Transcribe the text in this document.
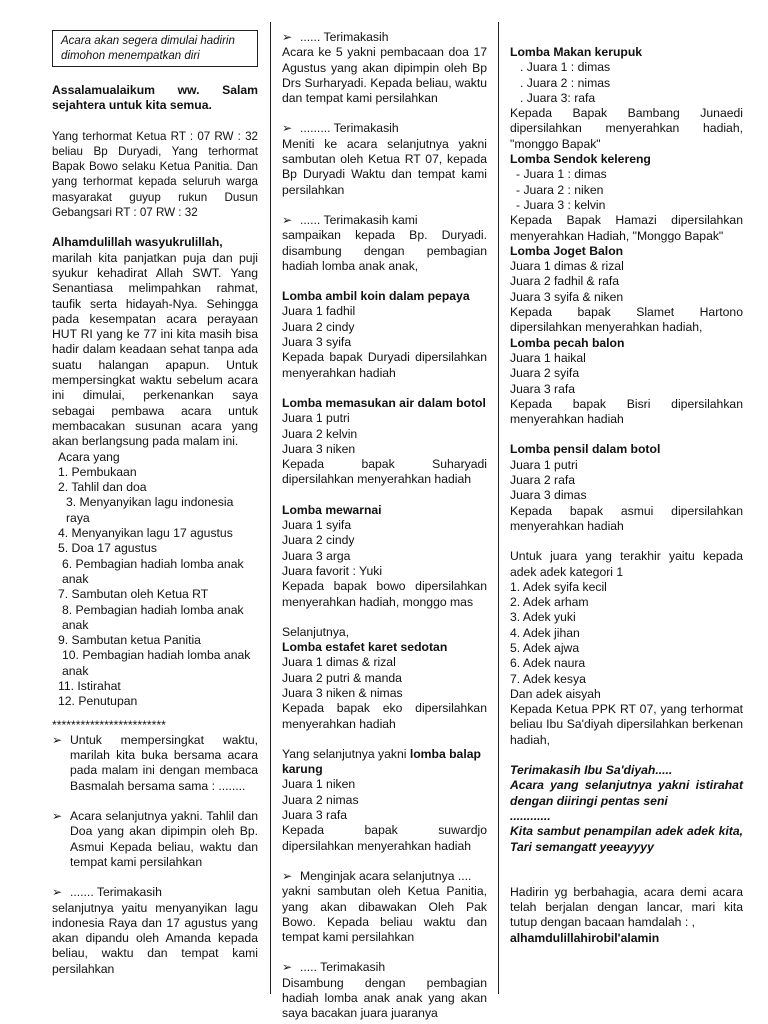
Acara akan segera dimulai hadirin dimohon menempatkan diri

Assalamualaikum ww. Salam sejahtera untuk kita semua.

Yang terhormat Ketua RT : 07 RW : 32 beliau Bp Duryadi, Yang terhormat Bapak Bowo selaku Ketua Panitia. Dan yang terhormat kepada seluruh warga masyarakat guyup rukun Dusun Gebangsari RT : 07 RW : 32

Alhamdulillah wasyukrulillah,

marilah kita panjatkan puja dan puji syukur kehadirat Allah SWT. Yang Senantiasa melimpahkan rahmat, taufik serta hidayah-Nya. Sehingga pada kesempatan acara perayaan HUT RI yang ke 77 ini kita masih bisa hadir dalam keadaan sehat tanpa ada suatu halangan apapun. Untuk mempersingkat waktu sebelum acara ini dimulai, perkenankan saya sebagai pembawa acara untuk membacakan susunan acara yang akan berlangsung pada malam ini.

Acara yang

1. Pembukaan
2. Tahlil dan doa
3. Menyanyikan lagu indonesia raya
4. Menyanyikan lagu 17 agustus
5. Doa 17 agustus
6. Pembagian hadiah lomba anak anak
7. Sambutan oleh Ketua RT
8. Pembagian hadiah lomba anak anak
9. Sambutan ketua Panitia
10. Pembagian hadiah lomba anak anak
11. Istirahat
12. Penutupan
************************
➢ Untuk mempersingkat waktu, marilah kita buka bersama acara pada malam ini dengan membaca Basmalah bersama sama : ........
➢ Acara selanjutnya yakni. Tahlil dan Doa yang akan dipimpin oleh Bp. Asmui Kepada beliau, waktu dan tempat kami persilahkan
➢ ....... Terimakasih

selanjutnya yaitu menyanyikan lagu indonesia Raya dan 17 agustus yang akan dipandu oleh Amanda kepada beliau, waktu dan tempat kami persilahkan

➢ ...... Terimakasih

Acara ke 5 yakni pembacaan doa 17 Agustus yang akan dipimpin oleh Bp Drs Surharyadi. Kepada beliau, waktu dan tempat kami persilahkan

➢ ......... Terimakasih

Meniti ke acara selanjutnya yakni sambutan oleh Ketua RT 07, kepada Bp Duryadi Waktu dan tempat kami persilahkan

➢ ...... Terimakasih kami

sampaikan kepada Bp. Duryadi. disambung dengan pembagian hadiah lomba anak anak,

Lomba ambil koin dalam pepaya

Juara 1 fadhil
Juara 2 cindy
Juara 3 syifa

Kepada bapak Duryadi dipersilahkan menyerahkan hadiah

Lomba memasukan air dalam botol

Juara 1 putri
Juara 2 kelvin
Juara 3 niken

Kepada bapak Suharyadi dipersilahkan menyerahkan hadiah

Lomba mewarnai

Juara 1 syifa
Juara 2 cindy
Juara 3 arga
Juara favorit : Yuki

Kepada bapak bowo dipersilahkan menyerahkan hadiah, monggo mas

Selanjutnya,

Lomba estafet karet sedotan

Juara 1 dimas & rizal
Juara 2 putri & manda
Juara 3 niken & nimas

Kepada bapak eko dipersilahkan menyerahkan hadiah

Yang selanjutnya yakni lomba balap karung

Juara 1 niken
Juara 2 nimas
Juara 3 rafa

Kepada bapak suwardjo dipersilahkan menyerahkan hadiah

➢ Menginjak acara selanjutnya ....

yakni sambutan oleh Ketua Panitia, yang akan dibawakan Oleh Pak Bowo. Kepada beliau waktu dan tempat kami persilahkan

➢ ..... Terimakasih

Disambung dengan pembagian hadiah lomba anak anak yang akan saya bacakan juara juaranya

Lomba Makan kerupuk

. Juara 1 : dimas
. Juara 2 : nimas
. Juara 3: rafa

Kepada Bapak Bambang Junaedi dipersilahkan menyerahkan hadiah, "monggo Bapak"

Lomba Sendok kelereng

- Juara 1 : dimas
- Juara 2 : niken
- Juara 3 : kelvin

Kepada Bapak Hamazi dipersilahkan menyerahkan Hadiah, "Monggo Bapak"

Lomba Joget Balon

Juara 1 dimas & rizal
Juara 2 fadhil & rafa
Juara 3 syifa & niken

Kepada bapak Slamet Hartono dipersilahkan menyerahkan hadiah,

Lomba pecah balon

Juara 1 haikal
Juara 2 syifa
Juara 3 rafa

Kepada bapak Bisri dipersilahkan menyerahkan hadiah

Lomba pensil dalam botol

Juara 1 putri
Juara 2 rafa
Juara 3 dimas

Kepada bapak asmui dipersilahkan menyerahkan hadiah

Untuk juara yang terakhir yaitu kepada adek adek kategori 1

1. Adek syifa kecil
2. Adek arham
3. Adek yuki
4. Adek jihan
5. Adek ajwa
6. Adek naura
7. Adek kesya
Dan adek aisyah

Kepada Ketua PPK RT 07, yang terhormat beliau Ibu Sa'diyah dipersilahkan berkenan hadiah,

Terimakasih Ibu Sa'diyah.....

Acara yang selanjutnya yakni istirahat dengan diiringi pentas seni

............

Kita sambut penampilan adek adek kita, Tari semangatt yeeayyyy

Hadirin yg berbahagia, acara demi acara telah berjalan dengan lancar, mari kita tutup dengan bacaan hamdalah : ,

alhamdulillahirobil'alamin
